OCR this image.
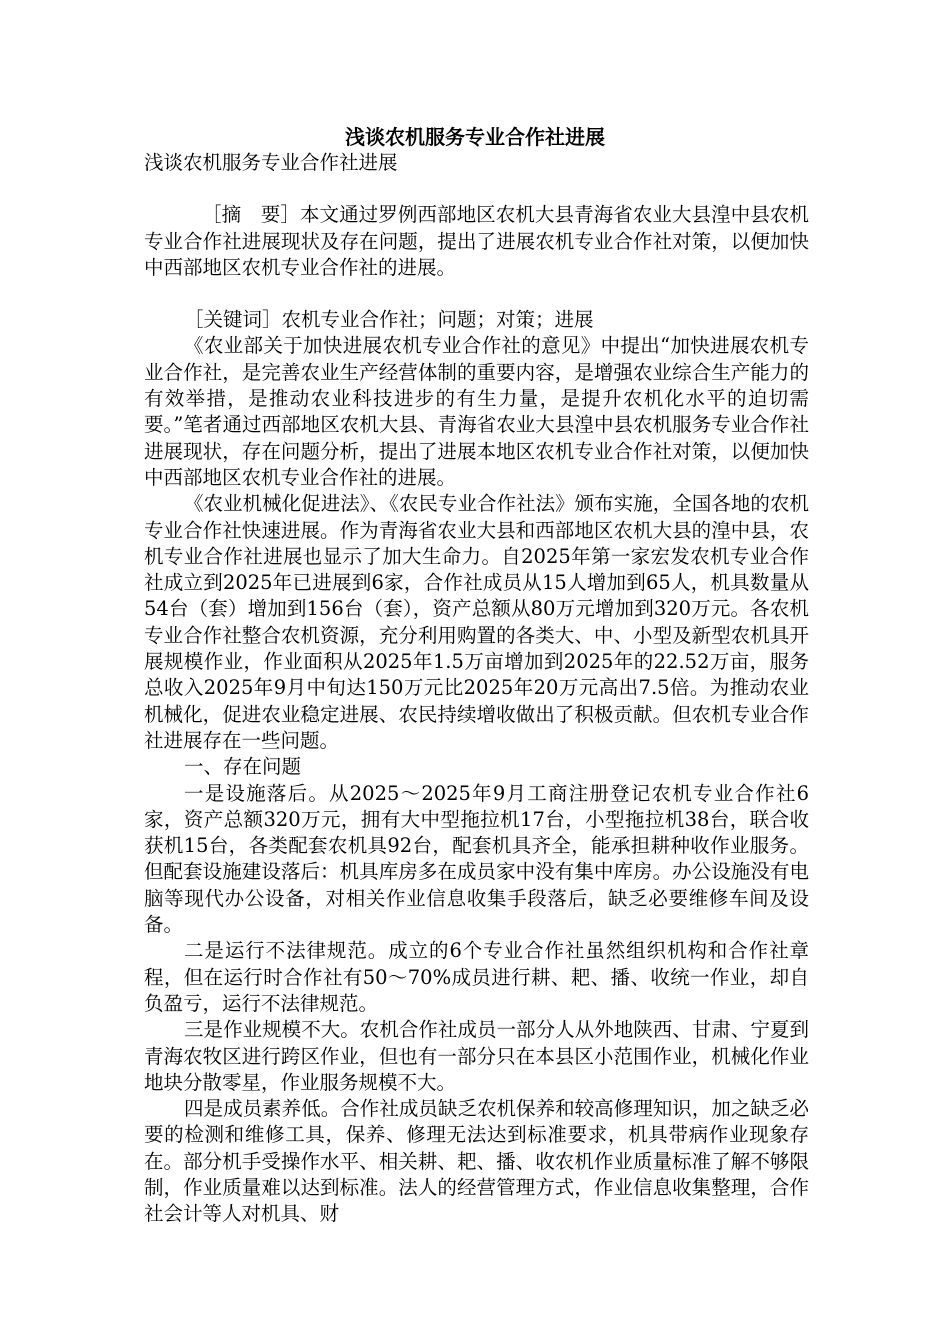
浅谈农机服务专业合作社进展

浅谈农机服务专业合作社进展

［摘　要］本文通过罗例西部地区农机大县青海省农业大县湟中县农机专业合作社进展现状及存在问题，提出了进展农机专业合作社对策，以便加快中西部地区农机专业合作社的进展。

［关键词］农机专业合作社；问题；对策；进展

《农业部关于加快进展农机专业合作社的意见》中提出“加快进展农机专业合作社，是完善农业生产经营体制的重要内容，是增强农业综合生产能力的有效举措，是推动农业科技进步的有生力量，是提升农机化水平的迫切需要。”笔者通过西部地区农机大县、青海省农业大县湟中县农机服务专业合作社进展现状，存在问题分析，提出了进展本地区农机专业合作社对策，以便加快中西部地区农机专业合作社的进展。

《农业机械化促进法》、《农民专业合作社法》颁布实施，全国各地的农机专业合作社快速进展。作为青海省农业大县和西部地区农机大县的湟中县，农机专业合作社进展也显示了加大生命力。自2025年第一家宏发农机专业合作社成立到2025年已进展到6家，合作社成员从15人增加到65人，机具数量从54台（套）增加到156台（套），资产总额从80万元增加到320万元。各农机专业合作社整合农机资源，充分利用购置的各类大、中、小型及新型农机具开展规模作业，作业面积从2025年1.5万亩增加到2025年的22.52万亩，服务总收入2025年9月中旬达150万元比2025年20万元高出7.5倍。为推动农业机械化，促进农业稳定进展、农民持续增收做出了积极贡献。但农机专业合作社进展存在一些问题。

一、存在问题

一是设施落后。从2025～2025年9月工商注册登记农机专业合作社6家，资产总额320万元，拥有大中型拖拉机17台，小型拖拉机38台，联合收获机15台，各类配套农机具92台，配套机具齐全，能承担耕种收作业服务。但配套设施建设落后：机具库房多在成员家中没有集中库房。办公设施没有电脑等现代办公设备，对相关作业信息收集手段落后，缺乏必要维修车间及设备。

二是运行不法律规范。成立的6个专业合作社虽然组织机构和合作社章程，但在运行时合作社有50～70%成员进行耕、耙、播、收统一作业，却自负盈亏，运行不法律规范。

三是作业规模不大。农机合作社成员一部分人从外地陕西、甘肃、宁夏到青海农牧区进行跨区作业，但也有一部分只在本县区小范围作业，机械化作业地块分散零星，作业服务规模不大。

四是成员素养低。合作社成员缺乏农机保养和较高修理知识，加之缺乏必要的检测和维修工具，保养、修理无法达到标准要求，机具带病作业现象存在。部分机手受操作水平、相关耕、耙、播、收农机作业质量标准了解不够限制，作业质量难以达到标准。法人的经营管理方式，作业信息收集整理，合作社会计等人对机具、财
